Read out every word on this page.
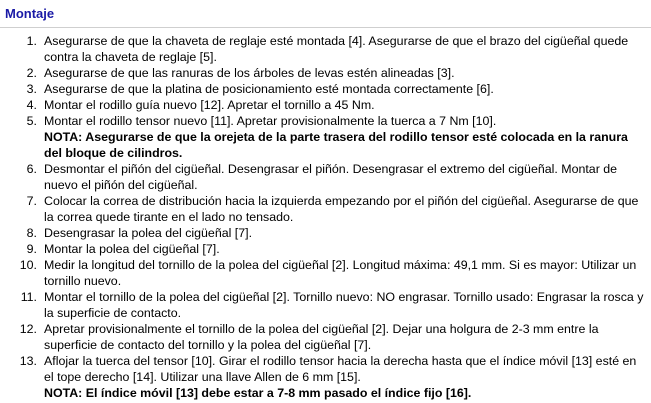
Montaje
1. Asegurarse de que la chaveta de reglaje esté montada [4]. Asegurarse de que el brazo del cigüeñal quede contra la chaveta de reglaje [5].
2. Asegurarse de que las ranuras de los árboles de levas estén alineadas [3].
3. Asegurarse de que la platina de posicionamiento esté montada correctamente [6].
4. Montar el rodillo guía nuevo [12]. Apretar el tornillo a 45 Nm.
5. Montar el rodillo tensor nuevo [11]. Apretar provisionalmente la tuerca a 7 Nm [10].
NOTA: Asegurarse de que la orejeta de la parte trasera del rodillo tensor esté colocada en la ranura del bloque de cilindros.
6. Desmontar el piñón del cigüeñal. Desengrasar el piñón. Desengrasar el extremo del cigüeñal. Montar de nuevo el piñón del cigüeñal.
7. Colocar la correa de distribución hacia la izquierda empezando por el piñón del cigüeñal. Asegurarse de que la correa quede tirante en el lado no tensado.
8. Desengrasar la polea del cigüeñal [7].
9. Montar la polea del cigüeñal [7].
10. Medir la longitud del tornillo de la polea del cigüeñal [2]. Longitud máxima: 49,1 mm. Si es mayor: Utilizar un tornillo nuevo.
11. Montar el tornillo de la polea del cigüeñal [2]. Tornillo nuevo: NO engrasar. Tornillo usado: Engrasar la rosca y la superficie de contacto.
12. Apretar provisionalmente el tornillo de la polea del cigüeñal [2]. Dejar una holgura de 2-3 mm entre la superficie de contacto del tornillo y la polea del cigüeñal [7].
13. Aflojar la tuerca del tensor [10]. Girar el rodillo tensor hacia la derecha hasta que el índice móvil [13] esté en el tope derecho [14]. Utilizar una llave Allen de 6 mm [15].
NOTA: El índice móvil [13] debe estar a 7-8 mm pasado el índice fijo [16].
